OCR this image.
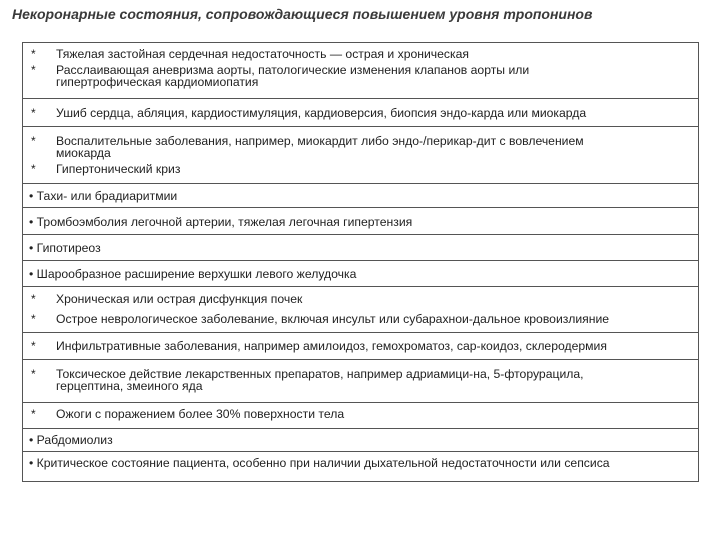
Некоронарные состояния, сопровождающиеся повышением уровня тропонинов
* Тяжелая застойная сердечная недостаточность — острая и хроническая
* Расслаивающая аневризма аорты, патологические изменения клапанов аорты или
гипертрофическая кардиомиопатия
* Ушиб сердца, абляция, кардиостимуляция, кардиоверсия, биопсия эндо-карда или миокарда
* Воспалительные заболевания, например, миокардит либо эндо-/перикар-дит с вовлечением
миокарда
* Гипертонический криз
• Тахи- или брадиаритмии
• Тромбоэмболия легочной артерии, тяжелая легочная гипертензия
• Гипотиреоз
• Шарообразное расширение верхушки левого желудочка
* Хроническая или острая дисфункция почек
* Острое неврологическое заболевание, включая инсульт или субарахнои-дальное кровоизлияние
* Инфильтративные заболевания, например амилоидоз, гемохроматоз, сар-коидоз, склеродермия
* Токсическое действие лекарственных препаратов, например адриамици-на, 5-фторурацила,
герцептина, змеиного яда
* Ожоги с поражением более 30% поверхности тела
• Рабдомиолиз
• Критическое состояние пациента, особенно при наличии дыхательной недостаточности или сепсиса
